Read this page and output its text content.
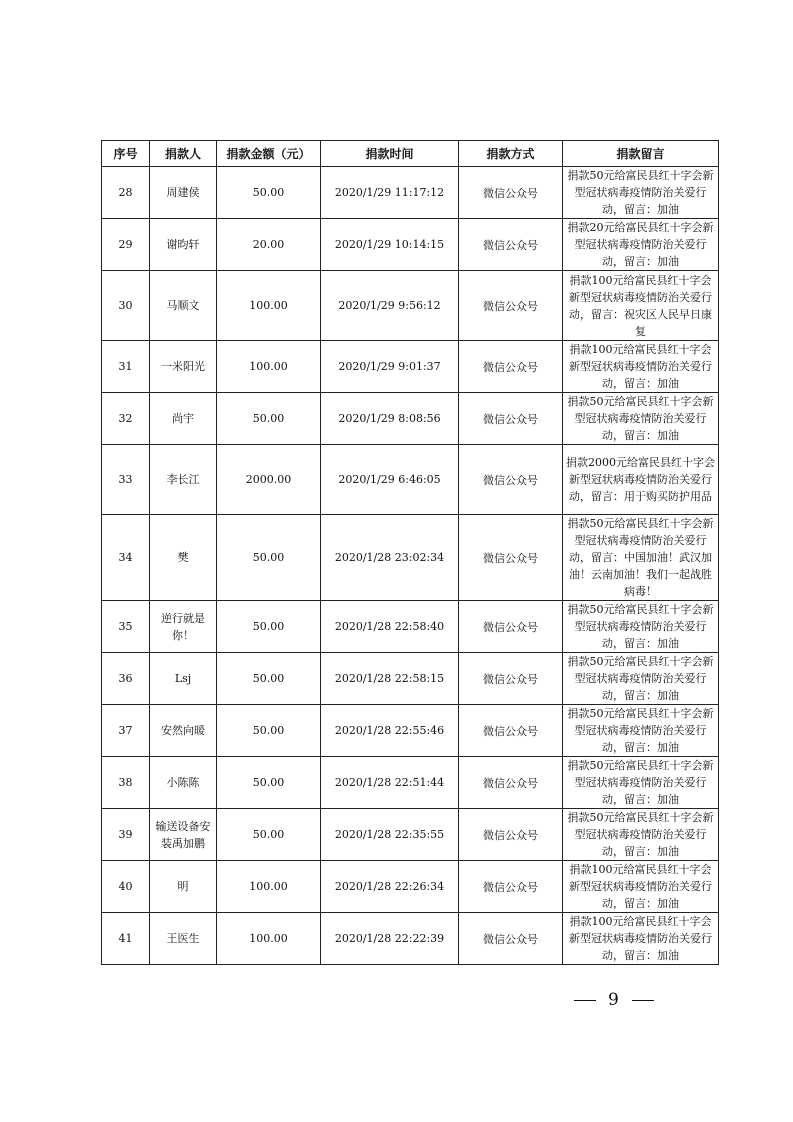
序号	捐款人	捐款金额（元）	捐款时间	捐款方式	捐款留言
28	周建侯	50.00	2020/1/29 11:17:12	微信公众号	捐款50元给富民县红十字会新型冠状病毒疫情防治关爱行动，留言：加油
29	谢昀轩	20.00	2020/1/29 10:14:15	微信公众号	捐款20元给富民县红十字会新型冠状病毒疫情防治关爱行动，留言：加油
30	马顺文	100.00	2020/1/29 9:56:12	微信公众号	捐款100元给富民县红十字会新型冠状病毒疫情防治关爱行动，留言：祝灾区人民早日康复
31	一米阳光	100.00	2020/1/29 9:01:37	微信公众号	捐款100元给富民县红十字会新型冠状病毒疫情防治关爱行动，留言：加油
32	尚宇	50.00	2020/1/29 8:08:56	微信公众号	捐款50元给富民县红十字会新型冠状病毒疫情防治关爱行动，留言：加油
33	李长江	2000.00	2020/1/29 6:46:05	微信公众号	捐款2000元给富民县红十字会新型冠状病毒疫情防治关爱行动，留言：用于购买防护用品
34	樊	50.00	2020/1/28 23:02:34	微信公众号	捐款50元给富民县红十字会新型冠状病毒疫情防治关爱行动，留言：中国加油！武汉加油！云南加油！我们一起战胜病毒！
35	逆行就是你！	50.00	2020/1/28 22:58:40	微信公众号	捐款50元给富民县红十字会新型冠状病毒疫情防治关爱行动，留言：加油
36	Lsj	50.00	2020/1/28 22:58:15	微信公众号	捐款50元给富民县红十字会新型冠状病毒疫情防治关爱行动，留言：加油
37	安然向暖	50.00	2020/1/28 22:55:46	微信公众号	捐款50元给富民县红十字会新型冠状病毒疫情防治关爱行动，留言：加油
38	小陈陈	50.00	2020/1/28 22:51:44	微信公众号	捐款50元给富民县红十字会新型冠状病毒疫情防治关爱行动，留言：加油
39	输送设备安装禹加鹏	50.00	2020/1/28 22:35:55	微信公众号	捐款50元给富民县红十字会新型冠状病毒疫情防治关爱行动，留言：加油
40	明	100.00	2020/1/28 22:26:34	微信公众号	捐款100元给富民县红十字会新型冠状病毒疫情防治关爱行动，留言：加油
41	王医生	100.00	2020/1/28 22:22:39	微信公众号	捐款100元给富民县红十字会新型冠状病毒疫情防治关爱行动，留言：加油
9
